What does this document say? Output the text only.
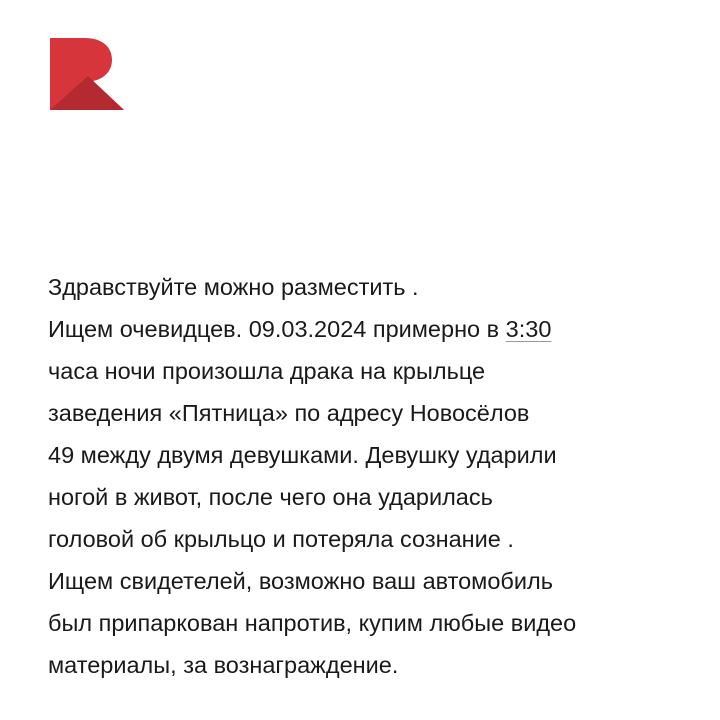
Здравствуйте можно разместить .
Ищем очевидцев. 09.03.2024 примерно в 3:30
часа ночи произошла драка на крыльце
заведения «Пятница» по адресу Новосёлов
49 между двумя девушками. Девушку ударили
ногой в живот, после чего она ударилась
головой об крыльцо и потеряла сознание .
Ищем свидетелей, возможно ваш автомобиль
был припаркован напротив, купим любые видео
материалы, за вознаграждение.
